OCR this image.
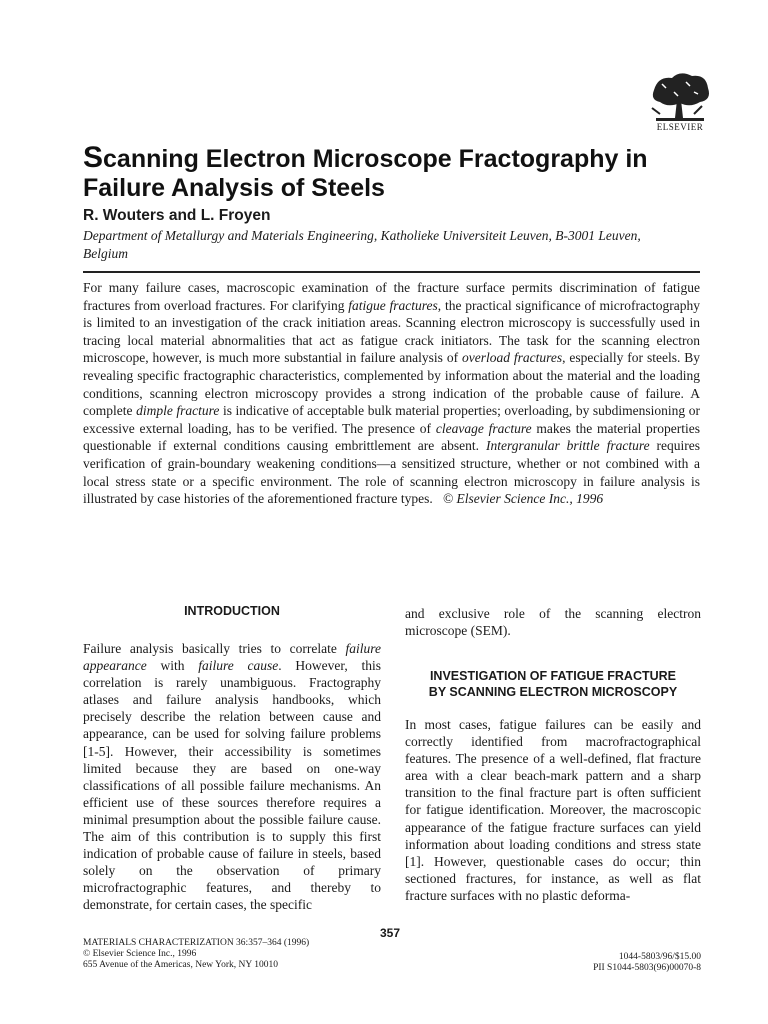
ELSEVIER
Scanning Electron Microscope Fractography in Failure Analysis of Steels
R. Wouters and L. Froyen
Department of Metallurgy and Materials Engineering, Katholieke Universiteit Leuven, B-3001 Leuven, Belgium

For many failure cases, macroscopic examination of the fracture surface permits discrimination of fatigue fractures from overload fractures. For clarifying fatigue fractures, the practical significance of microfractography is limited to an investigation of the crack initiation areas. Scanning electron microscopy is successfully used in tracing local material abnormalities that act as fatigue crack initiators. The task for the scanning electron microscope, however, is much more substantial in failure analysis of overload fractures, especially for steels. By revealing specific fractographic characteristics, complemented by information about the material and the loading conditions, scanning electron microscopy provides a strong indication of the probable cause of failure. A complete dimple fracture is indicative of acceptable bulk material properties; overloading, by subdimensioning or excessive external loading, has to be verified. The presence of cleavage fracture makes the material properties questionable if external conditions causing embrittlement are absent. Intergranular brittle fracture requires verification of grain-boundary weakening conditions—a sensitized structure, whether or not combined with a local stress state or a specific environment. The role of scanning electron microscopy in failure analysis is illustrated by case histories of the aforementioned fracture types. © Elsevier Science Inc., 1996

INTRODUCTION

Failure analysis basically tries to correlate failure appearance with failure cause. However, this correlation is rarely unambiguous. Fractography atlases and failure analysis handbooks, which precisely describe the relation between cause and appearance, can be used for solving failure problems [1-5]. However, their accessibility is sometimes limited because they are based on one-way classifications of all possible failure mechanisms. An efficient use of these sources therefore requires a minimal presumption about the possible failure cause. The aim of this contribution is to supply this first indication of probable cause of failure in steels, based solely on the observation of primary microfractographic features, and thereby to demonstrate, for certain cases, the specific

and exclusive role of the scanning electron microscope (SEM).

INVESTIGATION OF FATIGUE FRACTURE
BY SCANNING ELECTRON MICROSCOPY

In most cases, fatigue failures can be easily and correctly identified from macrofractographical features. The presence of a well-defined, flat fracture area with a clear beach-mark pattern and a sharp transition to the final fracture part is often sufficient for fatigue identification. Moreover, the macroscopic appearance of the fatigue fracture surfaces can yield information about loading conditions and stress state [1]. However, questionable cases do occur; thin sectioned fractures, for instance, as well as flat fracture surfaces with no plastic deforma-

357
MATERIALS CHARACTERIZATION 36:357–364 (1996)
© Elsevier Science Inc., 1996
655 Avenue of the Americas, New York, NY 10010
1044-5803/96/$15.00
PII S1044-5803(96)00070-8
